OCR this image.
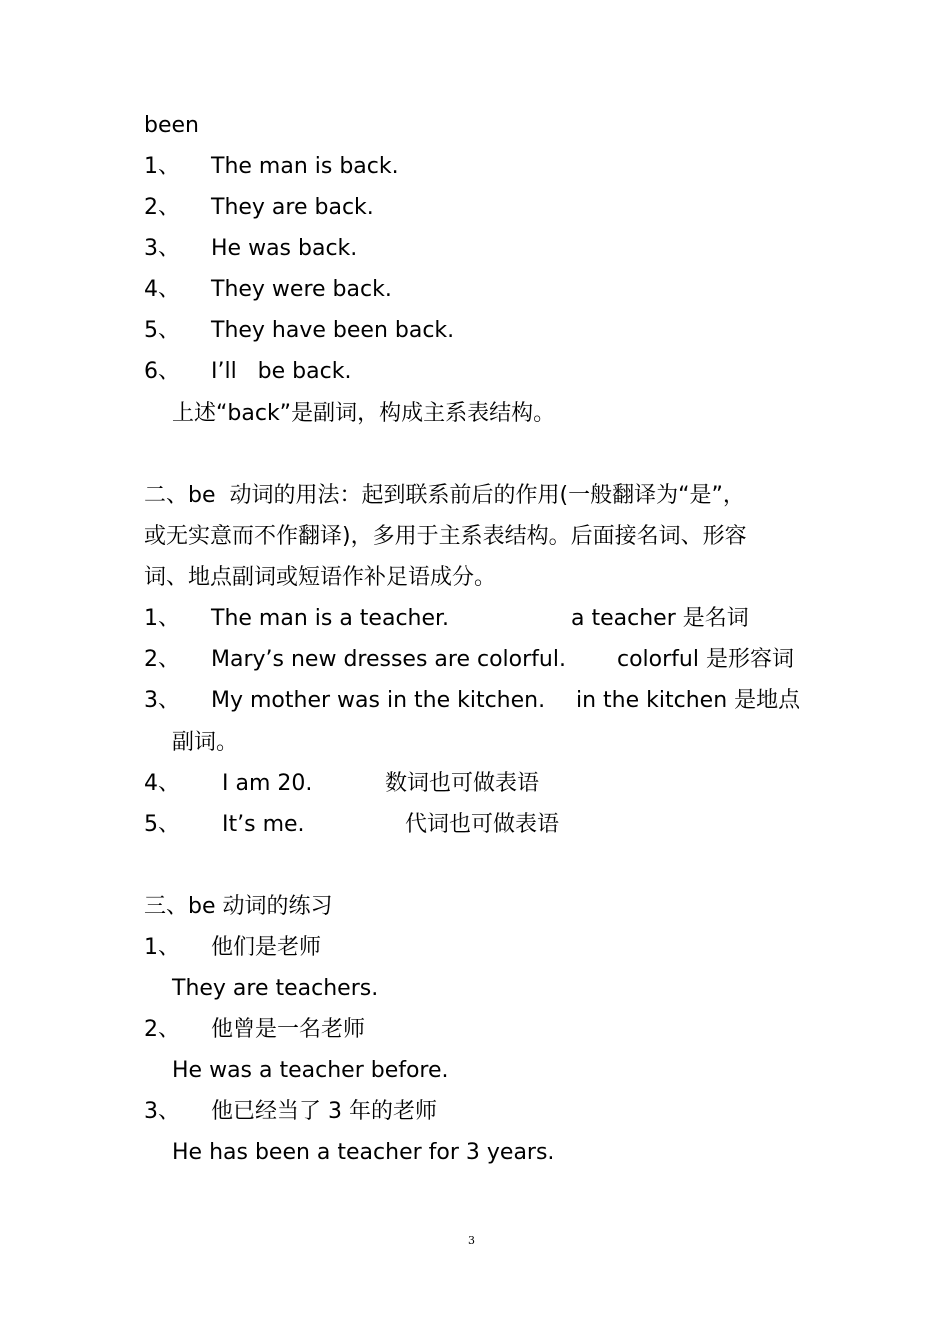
been

1、

The man is back.

2、

They are back.

3、

He was back.

4、

They were back.

5、

They have been back.

6、

I’ll   be back.

上述“back”是副词，构成主系表结构。
二、be  动词的用法：起到联系前后的作用(一般翻译为“是”，
或无实意而不作翻译)，多用于主系表结构。后面接名词、形容
词、地点副词或短语作补足语成分。

1、

The man is a teacher.

	a teacher 是名词

2、

Mary’s new dresses are colorful.

colorful 是形容词

3、

My mother was in the kitchen.

in the kitchen 是地点

副词。

4、

I am 20.

	数词也可做表语

5、

It’s me.

	代词也可做表语

三、be 动词的练习

1、

他们是老师

They are teachers.

2、

他曾是一名老师

He was a teacher before.

3、

他已经当了 3 年的老师

He has been a teacher for 3 years.
3
